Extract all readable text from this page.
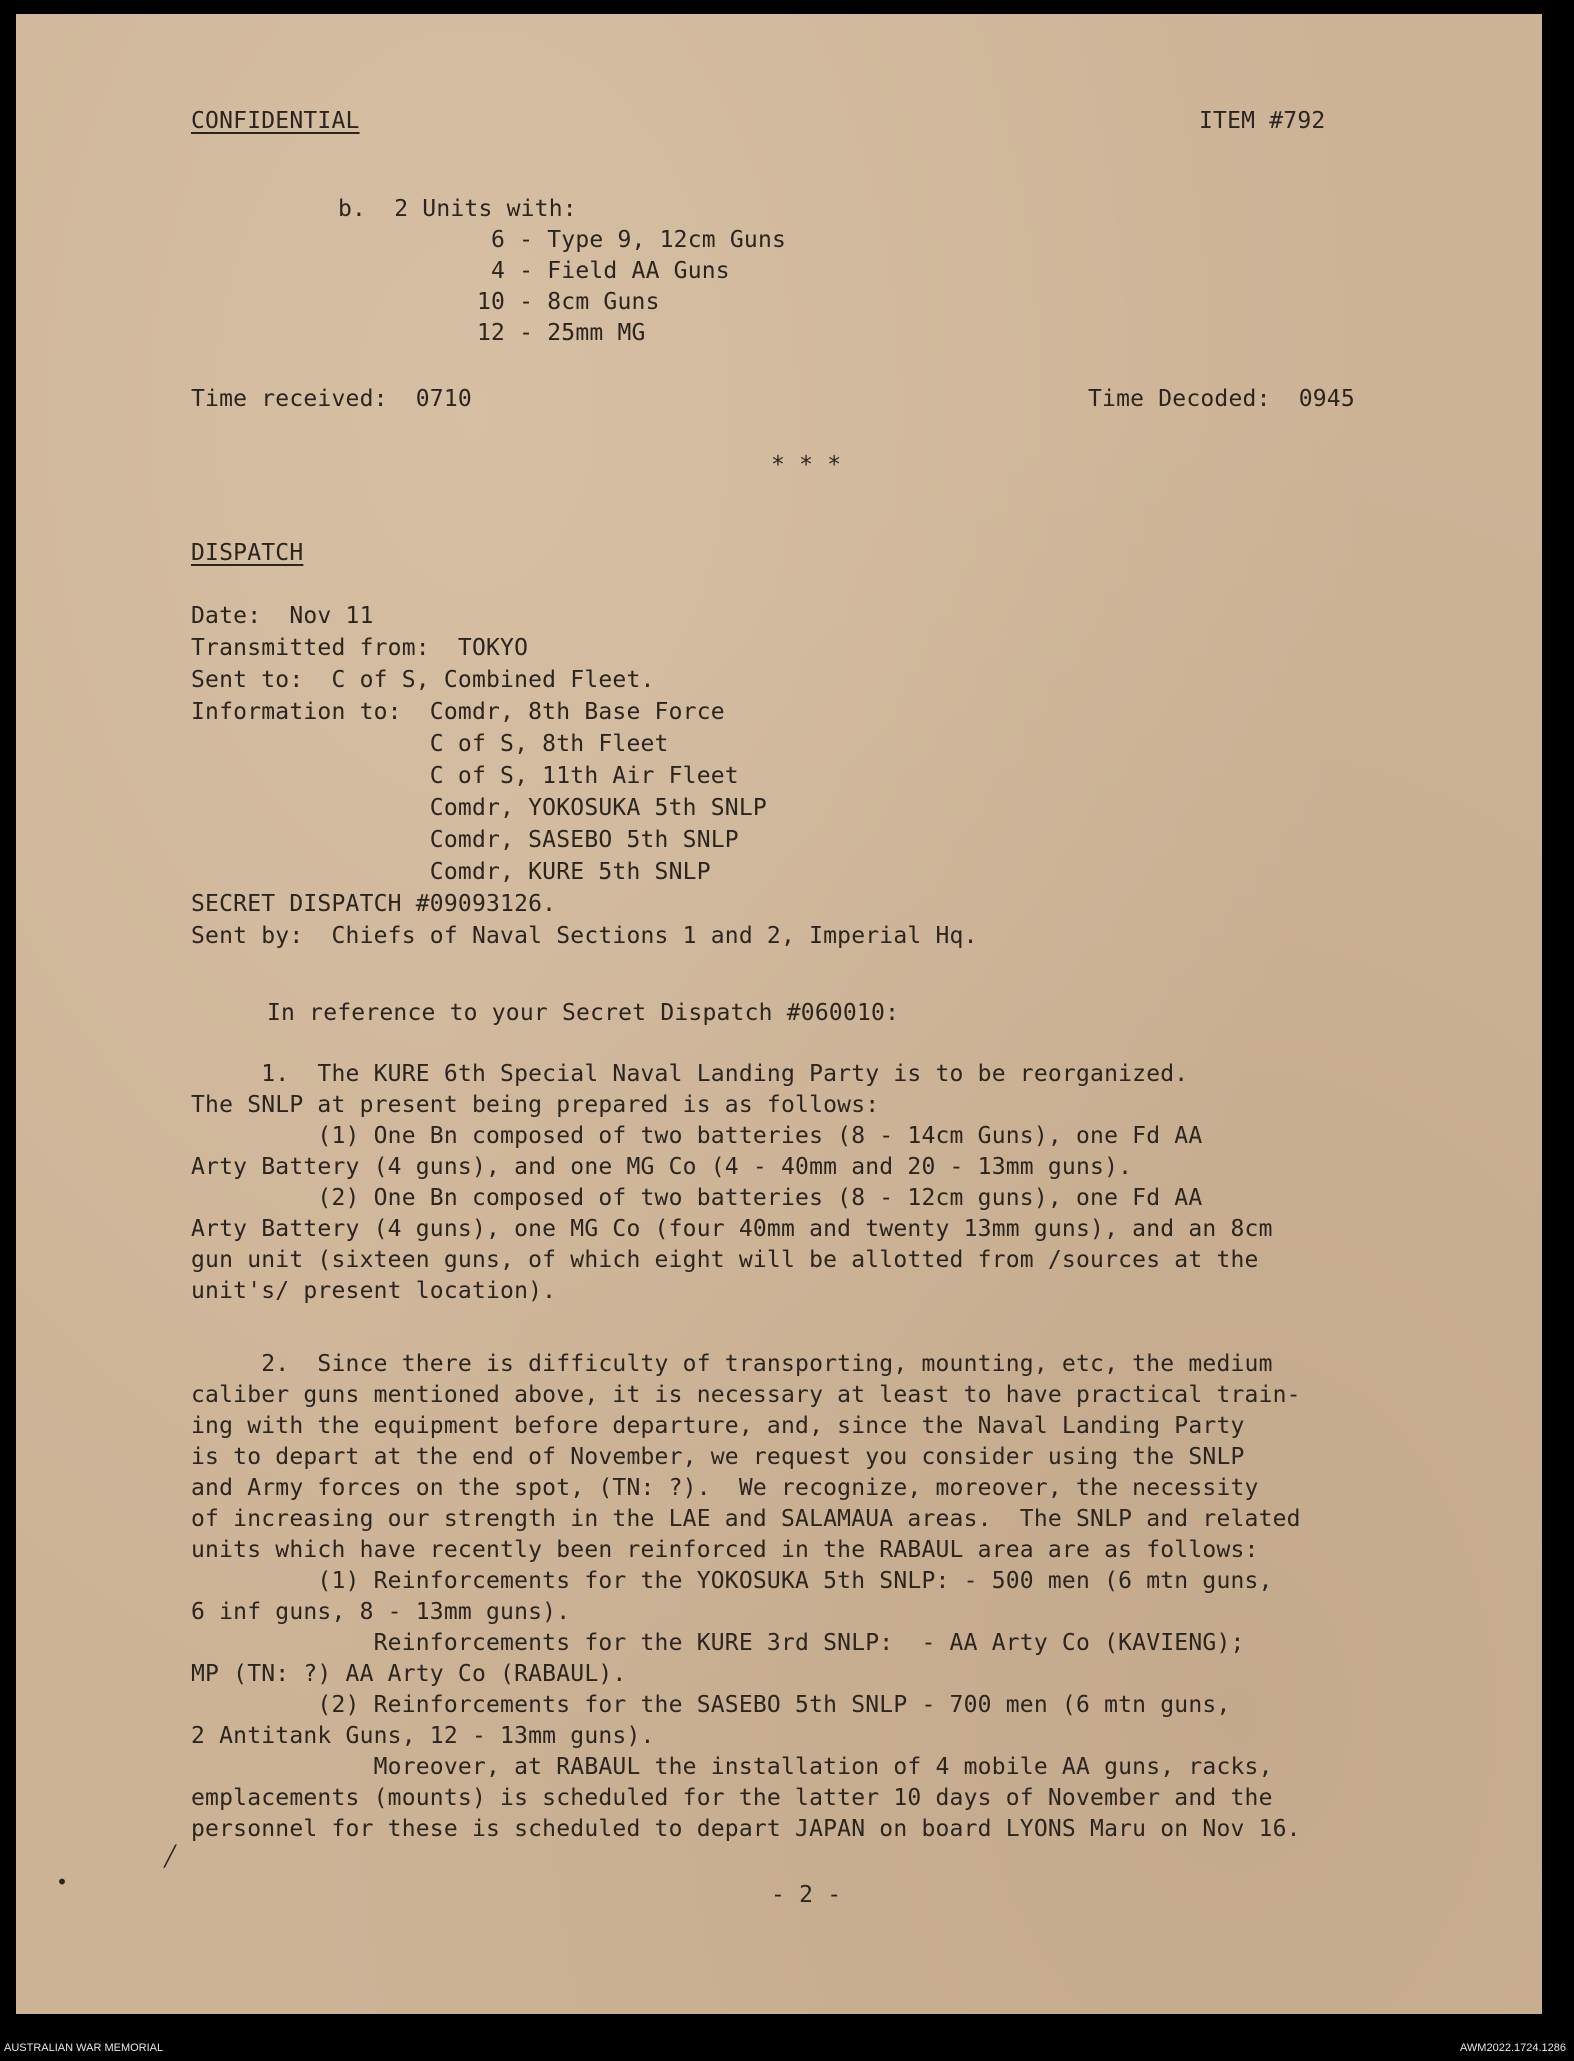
CONFIDENTIAL	ITEM #792
b.  2 Units with:
6 - Type 9, 12cm Guns
4 - Field AA Guns
10 - 8cm Guns
12 - 25mm MG
Time received:  0710	Time Decoded:  0945
* * *
DISPATCH
Date:  Nov 11
Transmitted from:  TOKYO
Sent to:  C of S, Combined Fleet.
Information to:  Comdr, 8th Base Force
C of S, 8th Fleet
C of S, 11th Air Fleet
Comdr, YOKOSUKA 5th SNLP
Comdr, SASEBO 5th SNLP
Comdr, KURE 5th SNLP
SECRET DISPATCH #09093126.
Sent by:  Chiefs of Naval Sections 1 and 2, Imperial Hq.
In reference to your Secret Dispatch #060010:
1.  The KURE 6th Special Naval Landing Party is to be reorganized.
The SNLP at present being prepared is as follows:
(1) One Bn composed of two batteries (8 - 14cm Guns), one Fd AA
Arty Battery (4 guns), and one MG Co (4 - 40mm and 20 - 13mm guns).
(2) One Bn composed of two batteries (8 - 12cm guns), one Fd AA
Arty Battery (4 guns), one MG Co (four 40mm and twenty 13mm guns), and an 8cm
gun unit (sixteen guns, of which eight will be allotted from /sources at the
unit's/ present location).
2.  Since there is difficulty of transporting, mounting, etc, the medium
caliber guns mentioned above, it is necessary at least to have practical train-
ing with the equipment before departure, and, since the Naval Landing Party
is to depart at the end of November, we request you consider using the SNLP
and Army forces on the spot, (TN: ?).  We recognize, moreover, the necessity
of increasing our strength in the LAE and SALAMAUA areas.  The SNLP and related
units which have recently been reinforced in the RABAUL area are as follows:
(1) Reinforcements for the YOKOSUKA 5th SNLP: - 500 men (6 mtn guns,
6 inf guns, 8 - 13mm guns).
Reinforcements for the KURE 3rd SNLP:  - AA Arty Co (KAVIENG);
MP (TN: ?) AA Arty Co (RABAUL).
(2) Reinforcements for the SASEBO 5th SNLP - 700 men (6 mtn guns,
2 Antitank Guns, 12 - 13mm guns).
Moreover, at RABAUL the installation of 4 mobile AA guns, racks,
emplacements (mounts) is scheduled for the latter 10 days of November and the
personnel for these is scheduled to depart JAPAN on board LYONS Maru on Nov 16.
╱
•	- 2 -
AUSTRALIAN WAR MEMORIAL	AWM2022.1724.1286
